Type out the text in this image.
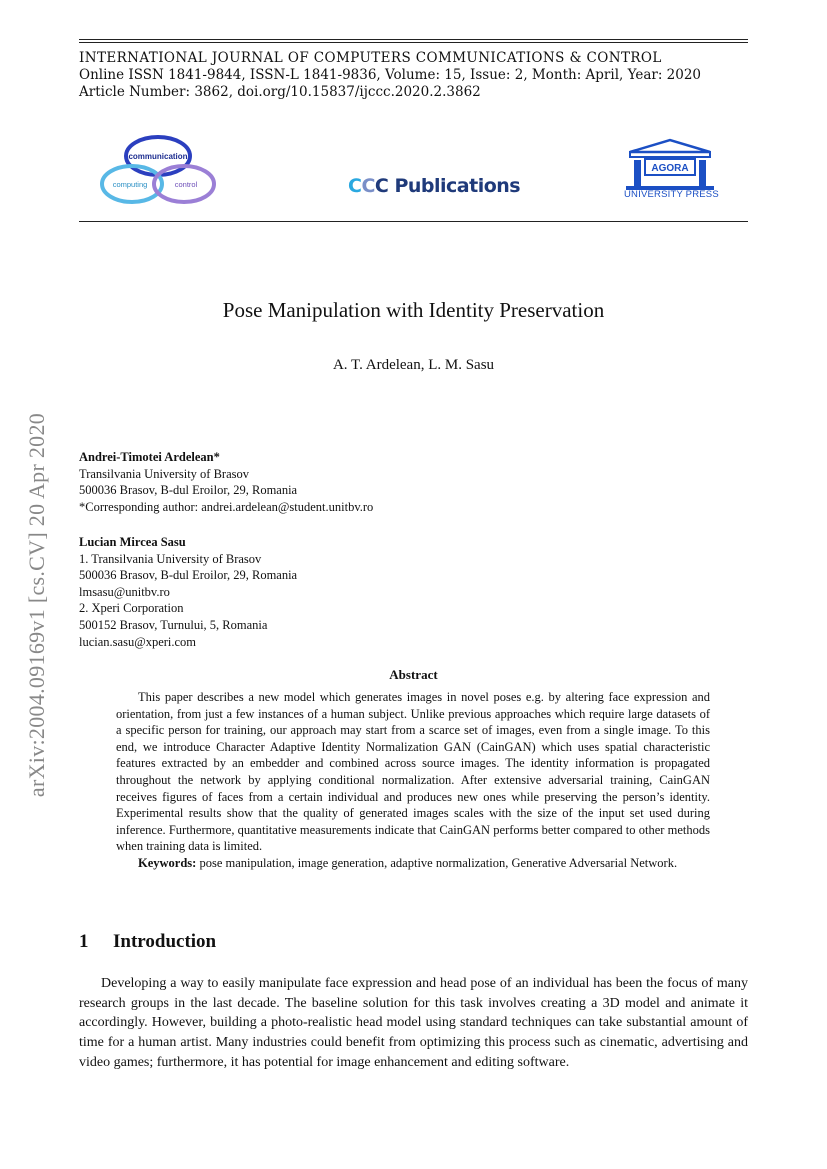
INTERNATIONAL JOURNAL OF COMPUTERS COMMUNICATIONS & CONTROL
Online ISSN 1841-9844, ISSN-L 1841-9836, Volume: 15, Issue: 2, Month: April, Year: 2020
Article Number: 3862, doi.org/10.15837/ijccc.2020.2.3862
communication
computing	control	CCC Publications
AGORA
UNIVERSITY PRESS
arXiv:2004.09169v1 [cs.CV] 20 Apr 2020
Pose Manipulation with Identity Preservation
A. T. Ardelean, L. M. Sasu
Andrei-Timotei Ardelean*
Transilvania University of Brasov
500036 Brasov, B-dul Eroilor, 29, Romania
*Corresponding author: andrei.ardelean@student.unitbv.ro
Lucian Mircea Sasu
1. Transilvania University of Brasov
500036 Brasov, B-dul Eroilor, 29, Romania
lmsasu@unitbv.ro
2. Xperi Corporation
500152 Brasov, Turnului, 5, Romania
lucian.sasu@xperi.com
Abstract

This paper describes a new model which generates images in novel poses e.g. by altering face expression and orientation, from just a few instances of a human subject. Unlike previous approaches which require large datasets of a specific person for training, our approach may start from a scarce set of images, even from a single image. To this end, we introduce Character Adaptive Identity Normalization GAN (CainGAN) which uses spatial characteristic features extracted by an embedder and combined across source images. The identity information is propagated throughout the network by applying conditional normalization. After extensive adversarial training, CainGAN receives figures of faces from a certain individual and produces new ones while preserving the person’s identity. Experimental results show that the quality of generated images scales with the size of the input set used during inference. Furthermore, quantitative measurements indicate that CainGAN performs better compared to other methods when training data is limited.

Keywords: pose manipulation, image generation, adaptive normalization, Generative Adversarial Network.

1 Introduction

Developing a way to easily manipulate face expression and head pose of an individual has been the focus of many research groups in the last decade. The baseline solution for this task involves creating a 3D model and animate it accordingly. However, building a photo-realistic head model using standard techniques can take substantial amount of time for a human artist. Many industries could benefit from optimizing this process such as cinematic, advertising and video games; furthermore, it has potential for image enhancement and editing software.
